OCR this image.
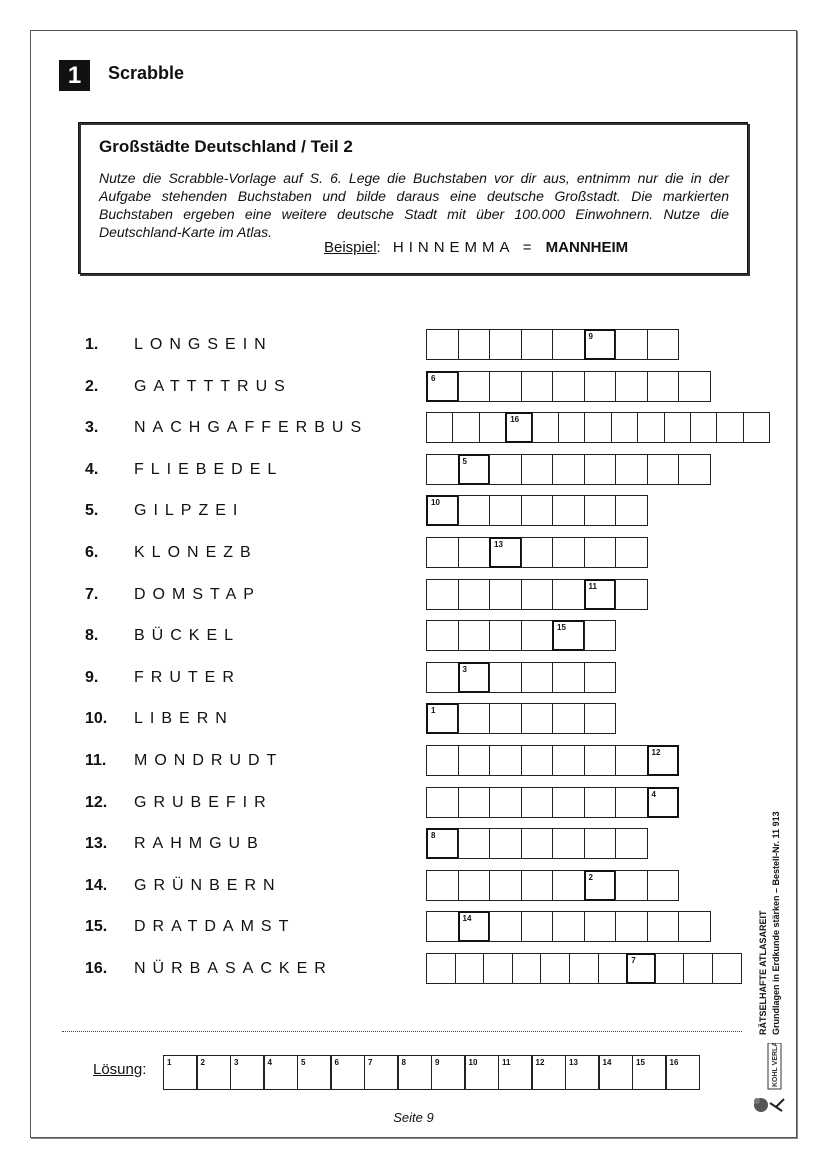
1	Scrabble
Großstädte Deutschland / Teil 2
Nutze die Scrabble-Vorlage auf S. 6. Lege die Buchstaben vor dir aus, entnimm nur die in der Aufgabe stehenden Buchstaben und bilde daraus eine deutsche Großstadt. Die markierten Buchstaben ergeben eine weitere deutsche Stadt mit über 100.000 Einwohnern. Nutze die Deutschland-Karte im Atlas.
Beispiel: HINNEMMA = MANNHEIM
1.	LONGSEIN	9
2.	GATTTTRUS	6
3.	NACHGAFFERBUS	16
4.	FLIEBEDEL	5
5.	GILPZEI	10
6.	KLONEZB	13
7.	DOMSTAP	11
8.	BÜCKEL	15
9.	FRUTER	3
10.	LIBERN	1
11.	MONDRUDT	12
12.	GRUBEFIR	4
13.	RAHMGUB	8
14.	GRÜNBERN	2
15.	DRATDAMST	14
16.	NÜRBASACKER	7
Lösung:	1	2	3	4	5	6	7	8	9	10	11	12	13	14	15	16
Seite 9
RÄTSELHAFTE ATLASAREIT Grundlagen in Erdkunde stärken – Bestell-Nr. 11 913
KOHL VERLAG
